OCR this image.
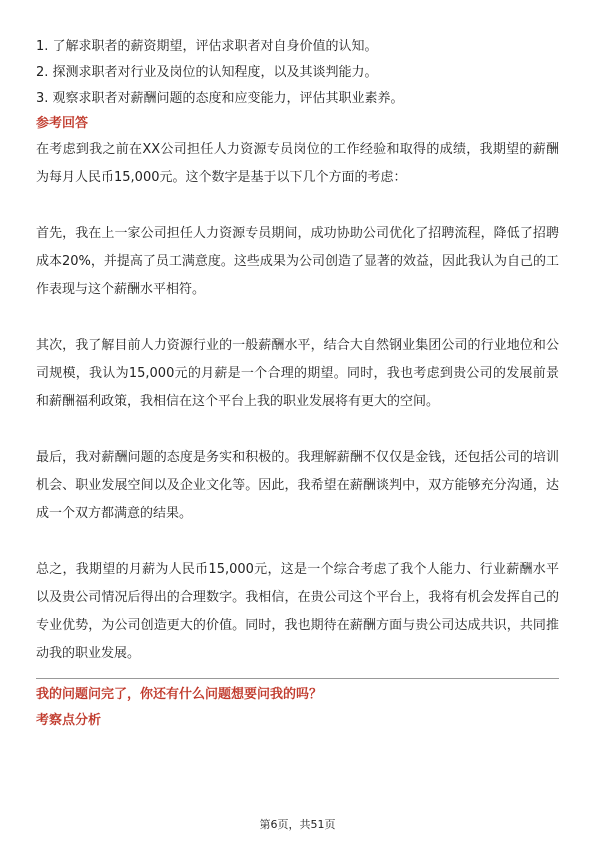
1. 了解求职者的薪资期望，评估求职者对自身价值的认知。

2. 探测求职者对行业及岗位的认知程度，以及其谈判能力。

3. 观察求职者对薪酬问题的态度和应变能力，评估其职业素养。

参考回答

在考虑到我之前在XX公司担任人力资源专员岗位的工作经验和取得的成绩，我期望的薪酬为每月人民币15,000元。这个数字是基于以下几个方面的考虑：

首先，我在上一家公司担任人力资源专员期间，成功协助公司优化了招聘流程，降低了招聘成本20%，并提高了员工满意度。这些成果为公司创造了显著的效益，因此我认为自己的工作表现与这个薪酬水平相符。

其次，我了解目前人力资源行业的一般薪酬水平，结合大自然钢业集团公司的行业地位和公司规模，我认为15,000元的月薪是一个合理的期望。同时，我也考虑到贵公司的发展前景和薪酬福利政策，我相信在这个平台上我的职业发展将有更大的空间。

最后，我对薪酬问题的态度是务实和积极的。我理解薪酬不仅仅是金钱，还包括公司的培训机会、职业发展空间以及企业文化等。因此，我希望在薪酬谈判中，双方能够充分沟通，达成一个双方都满意的结果。

总之，我期望的月薪为人民币15,000元，这是一个综合考虑了我个人能力、行业薪酬水平以及贵公司情况后得出的合理数字。我相信，在贵公司这个平台上，我将有机会发挥自己的专业优势，为公司创造更大的价值。同时，我也期待在薪酬方面与贵公司达成共识，共同推动我的职业发展。

我的问题问完了，你还有什么问题想要问我的吗？

考察点分析

第6页，共51页
